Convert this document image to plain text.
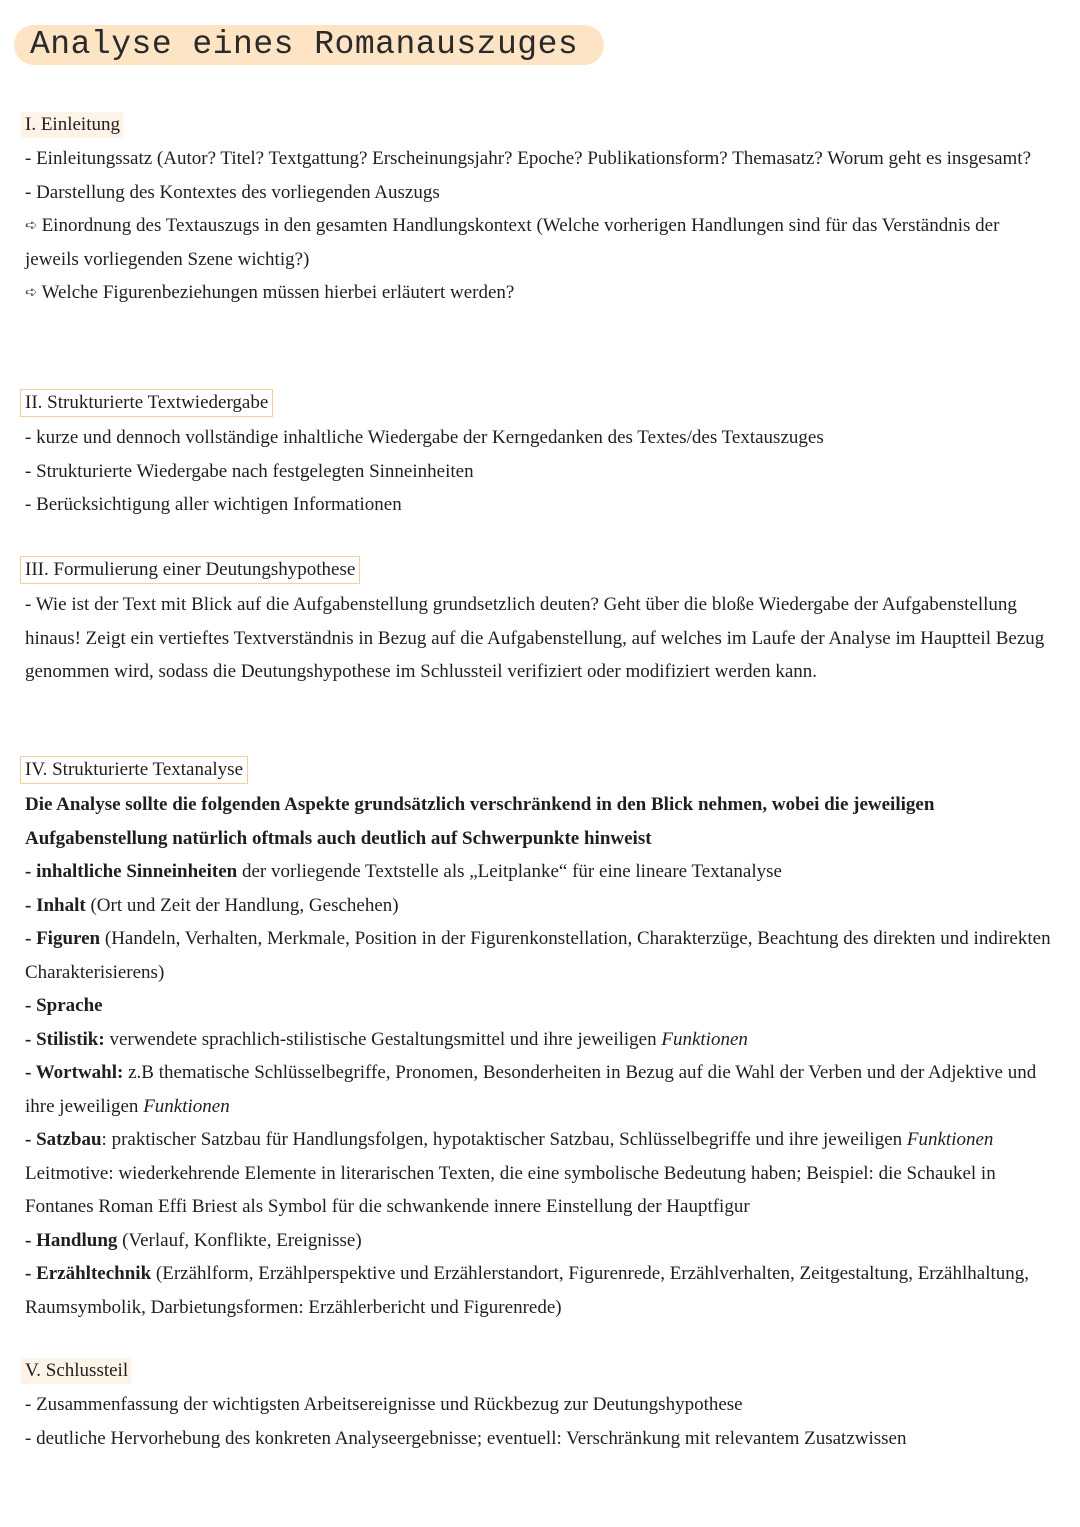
Analyse eines Romanauszuges
I. Einleitung
- Einleitungssatz (Autor? Titel? Textgattung? Erscheinungsjahr? Epoche? Publikationsform? Themasatz? Worum geht es insgesamt?
- Darstellung des Kontextes des vorliegenden Auszugs
➪ Einordnung des Textauszugs in den gesamten Handlungskontext (Welche vorherigen Handlungen sind für das Verständnis der jeweils vorliegenden Szene wichtig?)
➪ Welche Figurenbeziehungen müssen hierbei erläutert werden?
II. Strukturierte Textwiedergabe
- kurze und dennoch vollständige inhaltliche Wiedergabe der Kerngedanken des Textes/des Textauszuges
- Strukturierte Wiedergabe nach festgelegten Sinneinheiten
- Berücksichtigung aller wichtigen Informationen
III. Formulierung einer Deutungshypothese
- Wie ist der Text mit Blick auf die Aufgabenstellung grundsetzlich deuten? Geht über die bloße Wiedergabe der Aufgabenstellung hinaus! Zeigt ein vertieftes Textverständnis in Bezug auf die Aufgabenstellung, auf welches im Laufe der Analyse im Hauptteil Bezug genommen wird, sodass die Deutungshypothese im Schlussteil verifiziert oder modifiziert werden kann.
IV. Strukturierte Textanalyse
Die Analyse sollte die folgenden Aspekte grundsätzlich verschränkend in den Blick nehmen, wobei die jeweiligen Aufgabenstellung natürlich oftmals auch deutlich auf Schwerpunkte hinweist
- inhaltliche Sinneinheiten der vorliegende Textstelle als „Leitplanke“ für eine lineare Textanalyse
- Inhalt (Ort und Zeit der Handlung, Geschehen)
- Figuren (Handeln, Verhalten, Merkmale, Position in der Figurenkonstellation, Charakterzüge, Beachtung des direkten und indirekten Charakterisierens)
- Sprache
- Stilistik: verwendete sprachlich-stilistische Gestaltungsmittel und ihre jeweiligen Funktionen
- Wortwahl: z.B thematische Schlüsselbegriffe, Pronomen, Besonderheiten in Bezug auf die Wahl der Verben und der Adjektive und ihre jeweiligen Funktionen
- Satzbau: praktischer Satzbau für Handlungsfolgen, hypotaktischer Satzbau, Schlüsselbegriffe und ihre jeweiligen Funktionen
Leitmotive: wiederkehrende Elemente in literarischen Texten, die eine symbolische Bedeutung haben; Beispiel: die Schaukel in Fontanes Roman Effi Briest als Symbol für die schwankende innere Einstellung der Hauptfigur
- Handlung (Verlauf, Konflikte, Ereignisse)
- Erzähltechnik (Erzählform, Erzählperspektive und Erzählerstandort, Figurenrede, Erzählverhalten, Zeitgestaltung, Erzählhaltung, Raumsymbolik, Darbietungsformen: Erzählerbericht und Figurenrede)
V. Schlussteil
- Zusammenfassung der wichtigsten Arbeitsereignisse und Rückbezug zur Deutungshypothese
- deutliche Hervorhebung des konkreten Analyseergebnisse; eventuell: Verschränkung mit relevantem Zusatzwissen
